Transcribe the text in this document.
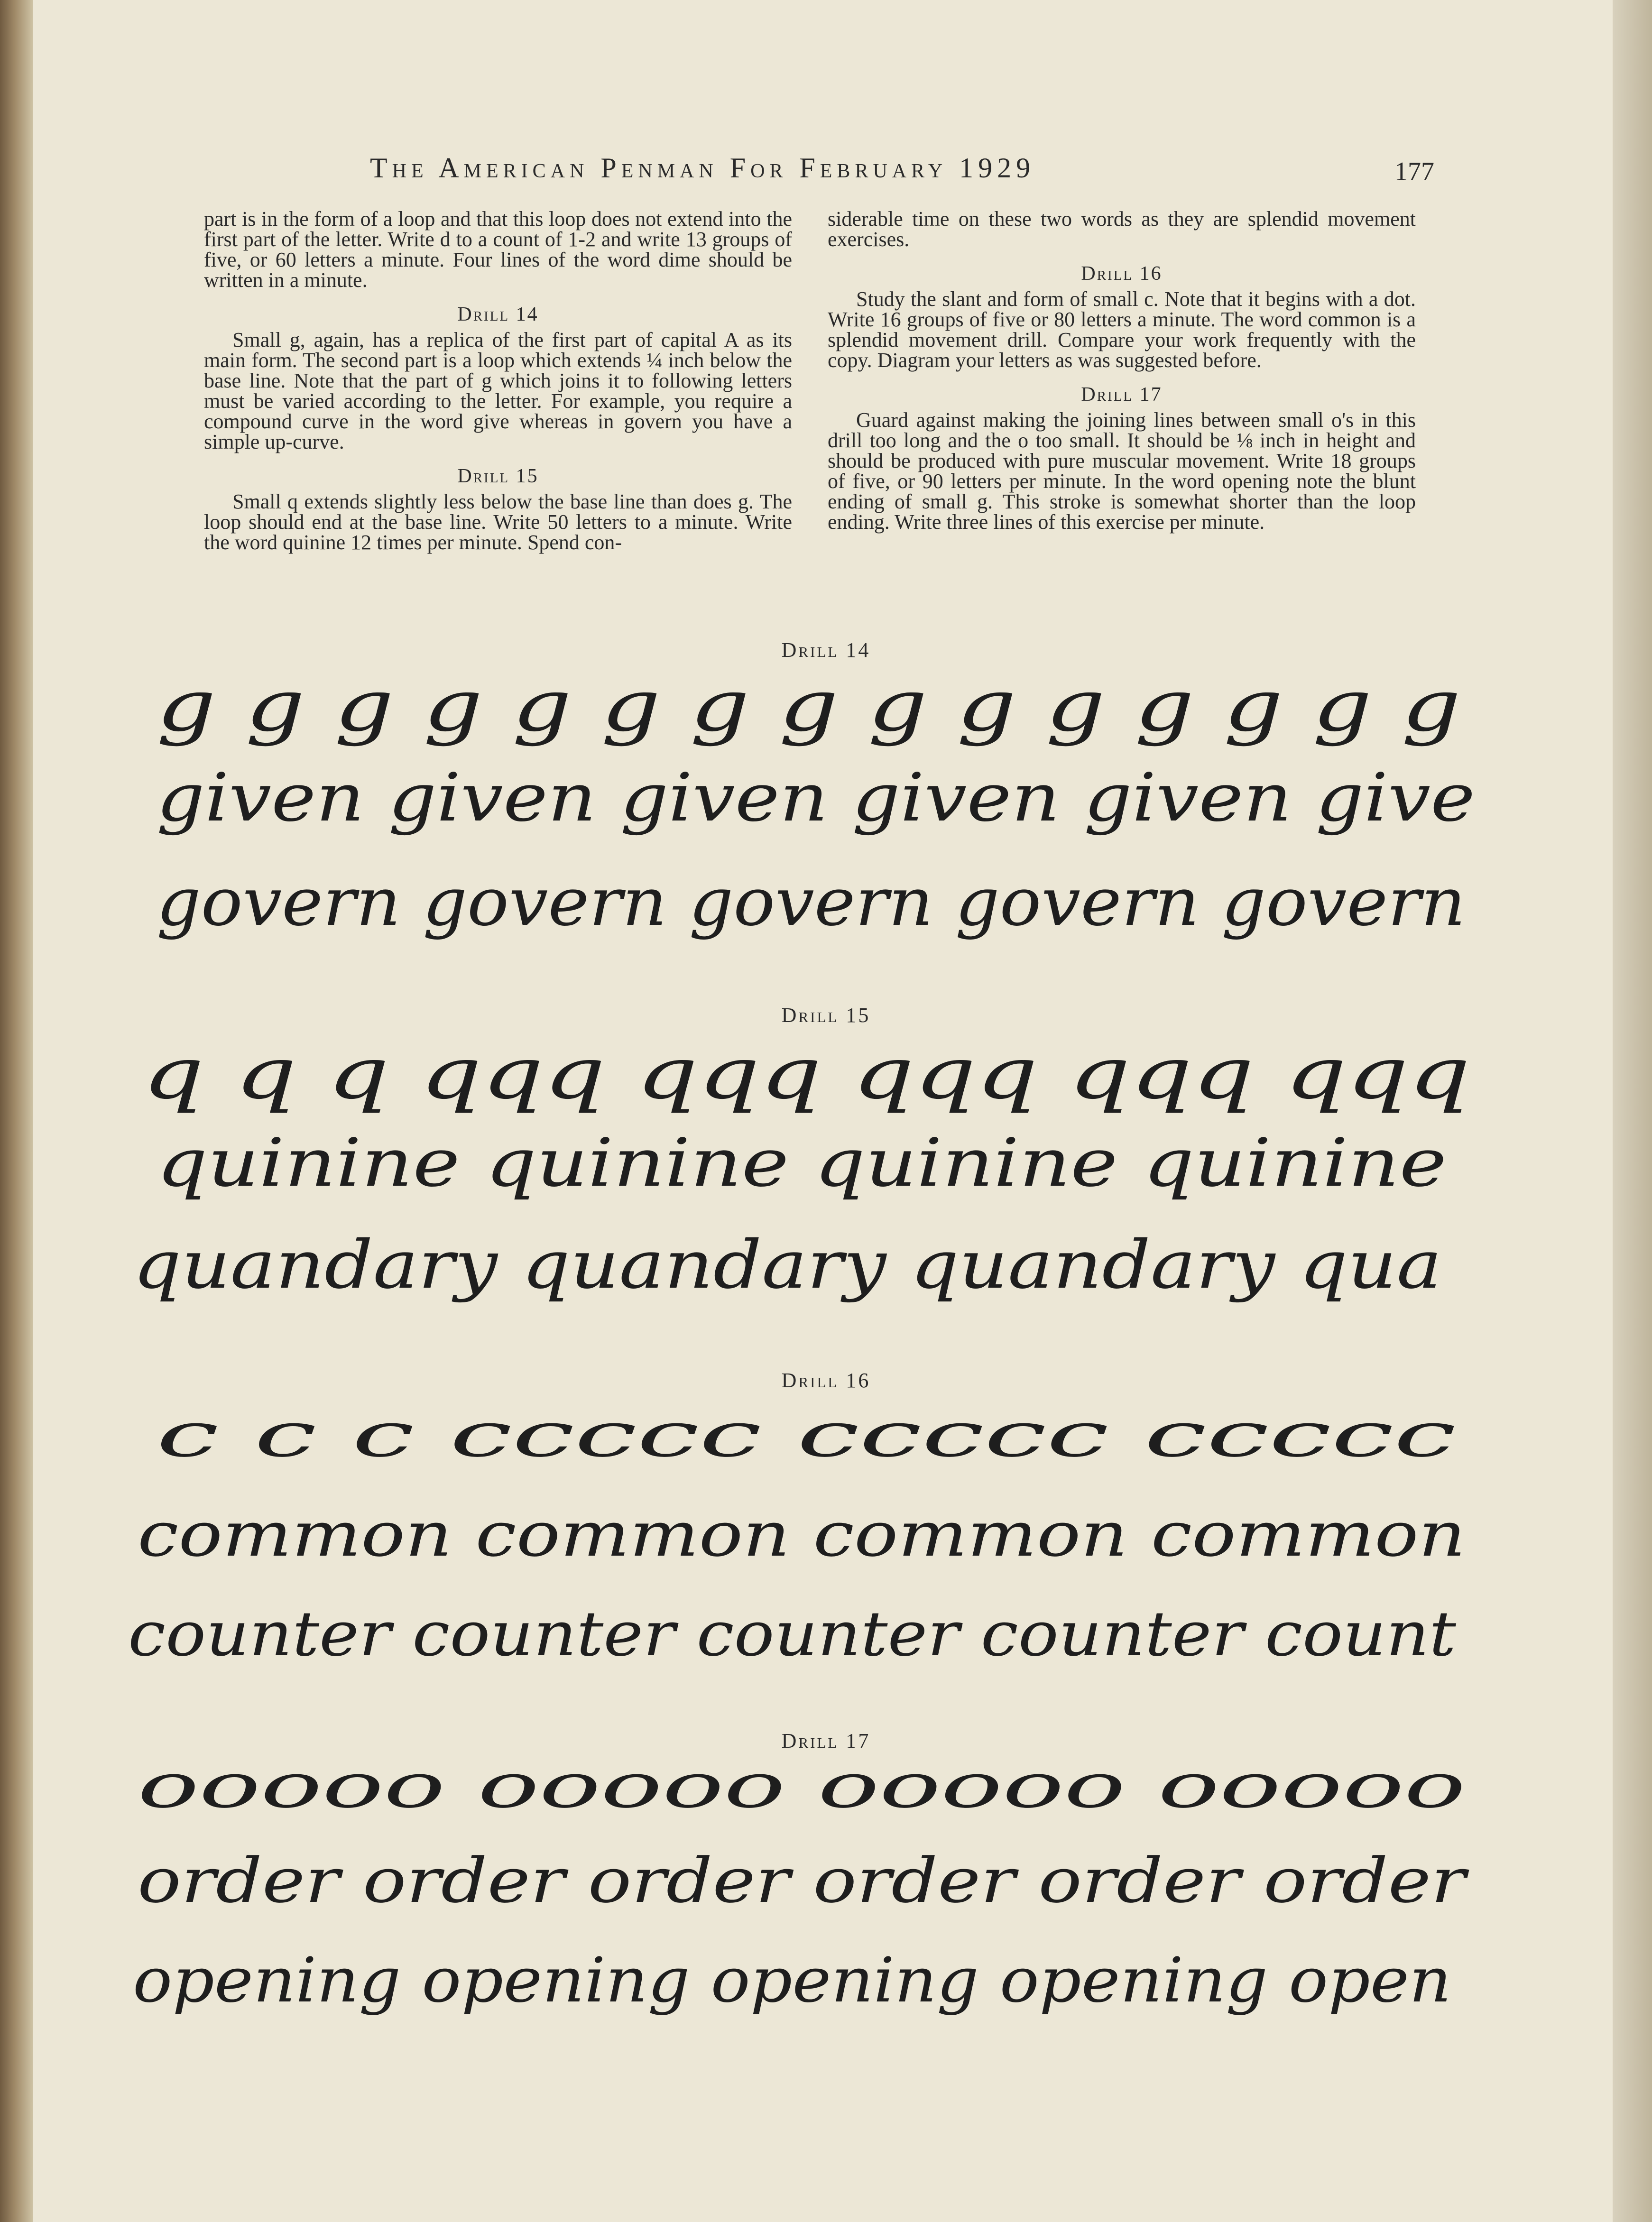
The American Penman For February 1929	177

part is in the form of a loop and that this loop does not extend into the first part of the letter. Write d to a count of 1-2 and write 13 groups of five, or 60 letters a minute. Four lines of the word dime should be written in a minute.

Drill 14

Small g, again, has a replica of the first part of capital A as its main form. The second part is a loop which extends ¼ inch below the base line. Note that the part of g which joins it to following letters must be varied according to the letter. For example, you require a compound curve in the word give whereas in govern you have a simple up-curve.

Drill 15

Small q extends slightly less below the base line than does g. The loop should end at the base line. Write 50 letters to a minute. Write the word quinine 12 times per minute. Spend con-

siderable time on these two words as they are splendid movement exercises.

Drill 16

Study the slant and form of small c. Note that it begins with a dot. Write 16 groups of five or 80 letters a minute. The word common is a splendid movement drill. Compare your work frequently with the copy. Diagram your letters as was suggested before.

Drill 17

Guard against making the joining lines between small o's in this drill too long and the o too small. It should be ⅛ inch in height and should be produced with pure muscular movement. Write 18 groups of five, or 90 letters per minute. In the word opening note the blunt ending of small g. This stroke is somewhat shorter than the loop ending. Write three lines of this exercise per minute.

Drill 14
g g g g g g g g g g g g g g g
given given given given given give
govern govern govern govern govern
Drill 15
q q q qqq qqq qqq qqq qqq
quinine quinine quinine quinine
quandary quandary quandary qua
Drill 16
c c c ccccc ccccc ccccc
common common common common
counter counter counter counter count
Drill 17
ooooo ooooo ooooo ooooo
order order order order order order
opening opening opening opening open
